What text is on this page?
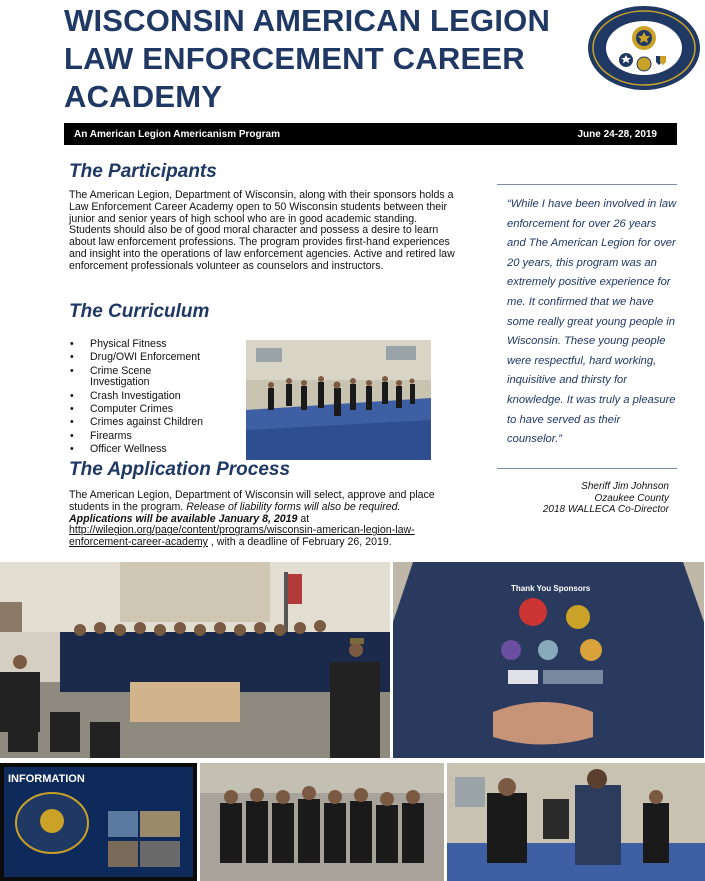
WISCONSIN AMERICAN LEGION
LAW ENFORCEMENT CAREER
ACADEMY
An American Legion Americanism Program	June 24-28, 2019
The Participants
The American Legion, Department of Wisconsin, along with their sponsors holds a Law Enforcement Career Academy open to 50 Wisconsin students between their junior and senior years of high school who are in good academic standing. Students should also be of good moral character and possess a desire to learn about law enforcement professions. The program provides first-hand experiences and insight into the operations of law enforcement agencies. Active and retired law enforcement professionals volunteer as counselors and instructors.
The Curriculum
• Physical Fitness
• Drug/OWI Enforcement
• Crime Scene Investigation
• Crash Investigation
• Computer Crimes
• Crimes against Children
• Firearms
• Officer Wellness
The Application Process
The American Legion, Department of Wisconsin will select, approve and place students in the program. Release of liability forms will also be required. Applications will be available January 8, 2019 at http://wilegion.org/page/content/programs/wisconsin-american-legion-law-enforcement-career-academy , with a deadline of February 26, 2019.
“While I have been involved in law enforcement for over 26 years and The American Legion for over 20 years, this program was an extremely positive experience for me. It confirmed that we have some really great young people in Wisconsin. These young people were respectful, hard working, inquisitive and thirsty for knowledge. It was truly a pleasure to have served as their counselor.”
Sheriff Jim Johnson
Ozaukee County
2018 WALLECA Co-Director
Thank You Sponsors
INFORMATION
